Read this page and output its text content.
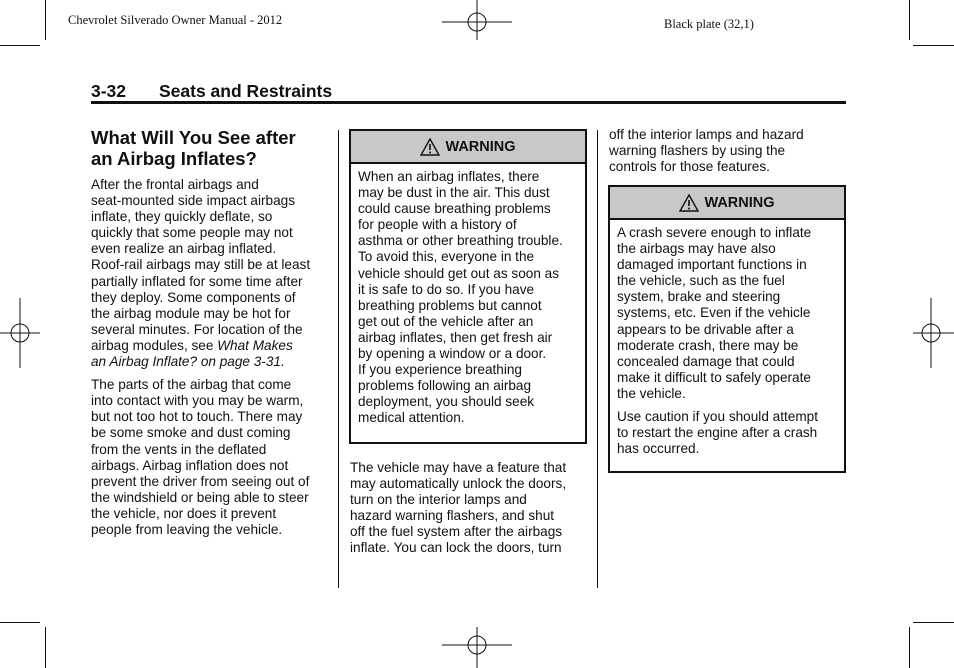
Chevrolet Silverado Owner Manual - 2012	Black plate (32,1)
3-32 Seats and Restraints
What Will You See after
an Airbag Inflates?
After the frontal airbags and
seat-mounted side impact airbags
inflate, they quickly deflate, so
quickly that some people may not
even realize an airbag inflated.
Roof-rail airbags may still be at least
partially inflated for some time after
they deploy. Some components of
the airbag module may be hot for
several minutes. For location of the
airbag modules, see What Makes
an Airbag Inflate? on page 3-31.
The parts of the airbag that come
into contact with you may be warm,
but not too hot to touch. There may
be some smoke and dust coming
from the vents in the deflated
airbags. Airbag inflation does not
prevent the driver from seeing out of
the windshield or being able to steer
the vehicle, nor does it prevent
people from leaving the vehicle.
WARNING
When an airbag inflates, there
may be dust in the air. This dust
could cause breathing problems
for people with a history of
asthma or other breathing trouble.
To avoid this, everyone in the
vehicle should get out as soon as
it is safe to do so. If you have
breathing problems but cannot
get out of the vehicle after an
airbag inflates, then get fresh air
by opening a window or a door.
If you experience breathing
problems following an airbag
deployment, you should seek
medical attention.
The vehicle may have a feature that
may automatically unlock the doors,
turn on the interior lamps and
hazard warning flashers, and shut
off the fuel system after the airbags
inflate. You can lock the doors, turn
off the interior lamps and hazard
warning flashers by using the
controls for those features.
WARNING
A crash severe enough to inflate
the airbags may have also
damaged important functions in
the vehicle, such as the fuel
system, brake and steering
systems, etc. Even if the vehicle
appears to be drivable after a
moderate crash, there may be
concealed damage that could
make it difficult to safely operate
the vehicle.
Use caution if you should attempt
to restart the engine after a crash
has occurred.
